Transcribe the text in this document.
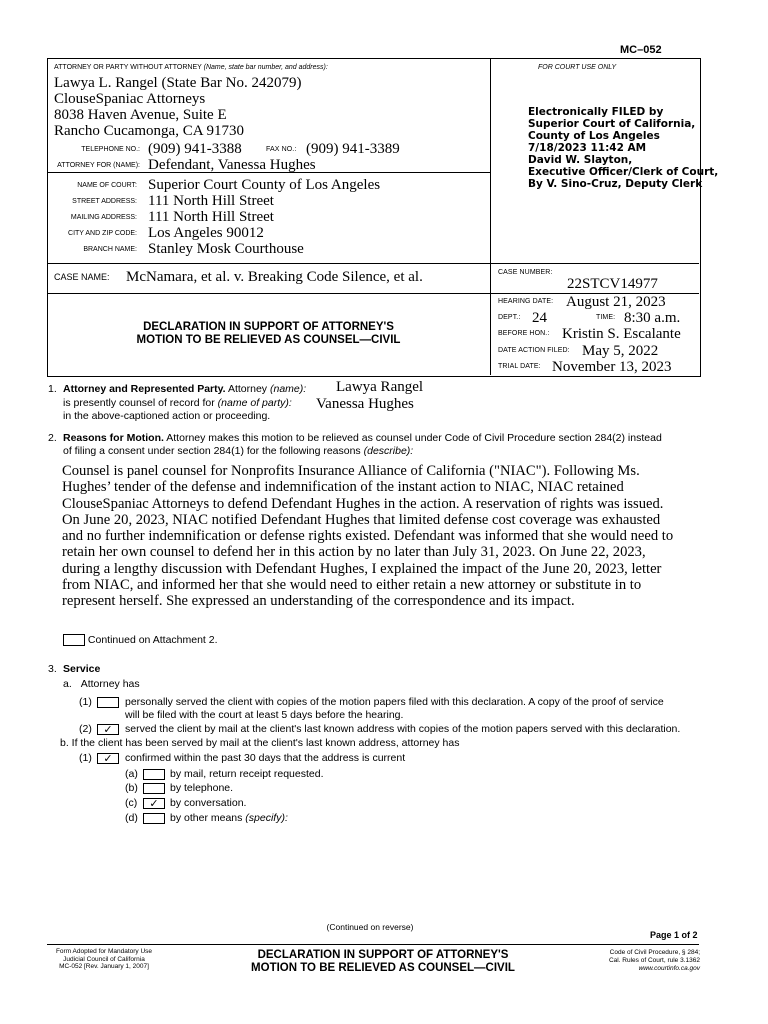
MC–052
ATTORNEY OR PARTY WITHOUT ATTORNEY (Name, state bar number, and address):	FOR COURT USE ONLY
Lawya L. Rangel (State Bar No. 242079)
ClouseSpaniac Attorneys
8038 Haven Avenue, Suite E
Rancho Cucamonga, CA 91730
TELEPHONE NO.: (909) 941-3388	FAX NO.: (909) 941-3389
ATTORNEY FOR (NAME): Defendant, Vanessa Hughes
NAME OF COURT: Superior Court County of Los Angeles
STREET ADDRESS: 111 North Hill Street
MAILING ADDRESS: 111 North Hill Street
CITY AND ZIP CODE: Los Angeles 90012
BRANCH NAME: Stanley Mosk Courthouse
Electronically FILED by
Superior Court of California,
County of Los Angeles
7/18/2023 11:42 AM
David W. Slayton,
Executive Officer/Clerk of Court,
By V. Sino-Cruz, Deputy Clerk
CASE NAME: McNamara, et al. v. Breaking Code Silence, et al.	CASE NUMBER:
22STCV14977
DECLARATION IN SUPPORT OF ATTORNEY'S
MOTION TO BE RELIEVED AS COUNSEL—CIVIL
HEARING DATE: August 21, 2023
DEPT.: 24	TIME: 8:30 a.m.
BEFORE HON.: Kristin S. Escalante
DATE ACTION FILED: May 5, 2022
TRIAL DATE: November 13, 2023
1. Attorney and Represented Party. Attorney (name): Lawya Rangel
is presently counsel of record for (name of party): Vanessa Hughes
in the above-captioned action or proceeding.
2. Reasons for Motion. Attorney makes this motion to be relieved as counsel under Code of Civil Procedure section 284(2) instead
of filing a consent under section 284(1) for the following reasons (describe):
Counsel is panel counsel for Nonprofits Insurance Alliance of California ("NIAC"). Following Ms.
Hughes’ tender of the defense and indemnification of the instant action to NIAC, NIAC retained
ClouseSpaniac Attorneys to defend Defendant Hughes in the action. A reservation of rights was issued.
On June 20, 2023, NIAC notified Defendant Hughes that limited defense cost coverage was exhausted
and no further indemnification or defense rights existed. Defendant was informed that she would need to
retain her own counsel to defend her in this action by no later than July 31, 2023. On June 22, 2023,
during a lengthy discussion with Defendant Hughes, I explained the impact of the June 20, 2023, letter
from NIAC, and informed her that she would need to either retain a new attorney or substitute in to
represent herself. She expressed an understanding of the correspondence and its impact.
Continued on Attachment 2.
3. Service
a. Attorney has
(1)	personally served the client with copies of the motion papers filed with this declaration. A copy of the proof of service
will be filed with the court at least 5 days before the hearing.
(2)	✓	served the client by mail at the client's last known address with copies of the motion papers served with this declaration.
b. If the client has been served by mail at the client's last known address, attorney has
(1)	✓	confirmed within the past 30 days that the address is current
(a)	by mail, return receipt requested.
(b)	by telephone.
(c)	✓	by conversation.
(d)	by other means (specify):
(Continued on reverse)
Page 1 of 2
Form Adopted for Mandatory Use
Judicial Council of California
MC-052 [Rev. January 1, 2007]
DECLARATION IN SUPPORT OF ATTORNEY'S
MOTION TO BE RELIEVED AS COUNSEL—CIVIL
Code of Civil Procedure, § 284;
Cal. Rules of Court, rule 3.1362
www.courtinfo.ca.gov
